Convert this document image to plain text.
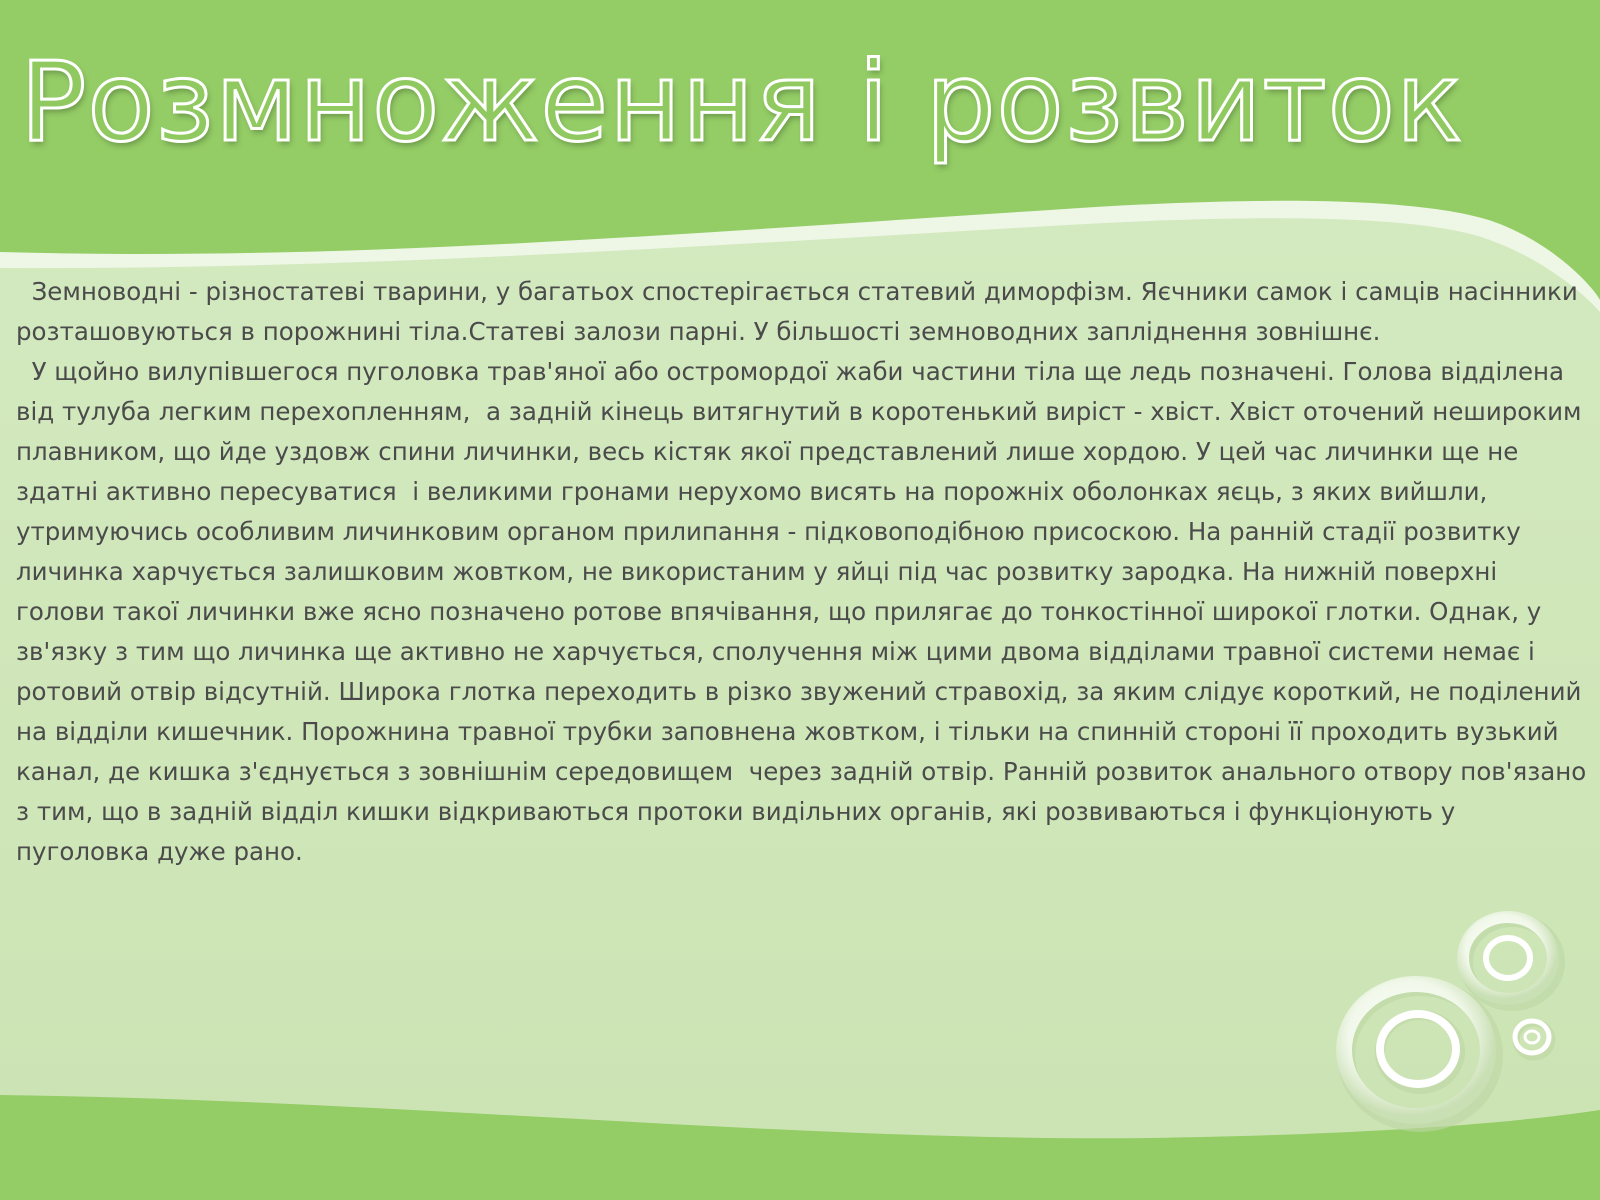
Розмноження і розвиток

Земноводні - різностатеві тварини, у багатьох спостерігається статевий диморфізм. Яєчники самок і самців насінники розташовуються в порожнині тіла.Статеві залози парні. У більшості земноводних запліднення зовнішнє.

У щойно вилупівшегося пуголовка трав'яної або остромордої жаби частини тіла ще ледь позначені. Голова відділена від тулуба легким перехопленням,  а задній кінець витягнутий в коротенький вирiст - хвіст. Хвіст оточений нешироким плавником, що йде уздовж спини личинки, весь кістяк якої представлений лише хордою. У цей час личинки ще не здатні активно пересуватися  і великими гронами нерухомо висять на порожніх оболонках яєць, з яких вийшли, утримуючись особливим личинковим органом прилипання - підковоподібною присоскою. На ранній стадії розвитку личинка харчується залишковим жовтком, не використаним у яйці під час розвитку зародка. На нижній поверхні голови такої личинки вже ясно позначено ротове впячівання, що прилягає до тонкостінної широкої глотки. Однак, у зв'язку з тим що личинка ще активно не харчується, сполучення між цими двома відділами травної системи немає і ротовий отвір відсутній. Широка глотка переходить в різко звужений стравохід, за яким слідує короткий, не поділений на відділи кишечник. Порожнина травної трубки заповнена жовтком, і тільки на спинній стороні її проходить вузький канал, де кишка з'єднується з зовнішнім середовищем  через задній отвір. Ранній розвиток анального отвору пов'язано з тим, що в задній відділ кишки відкриваються протоки видільних органів, які розвиваються і функціонують у пуголовка дуже рано.
